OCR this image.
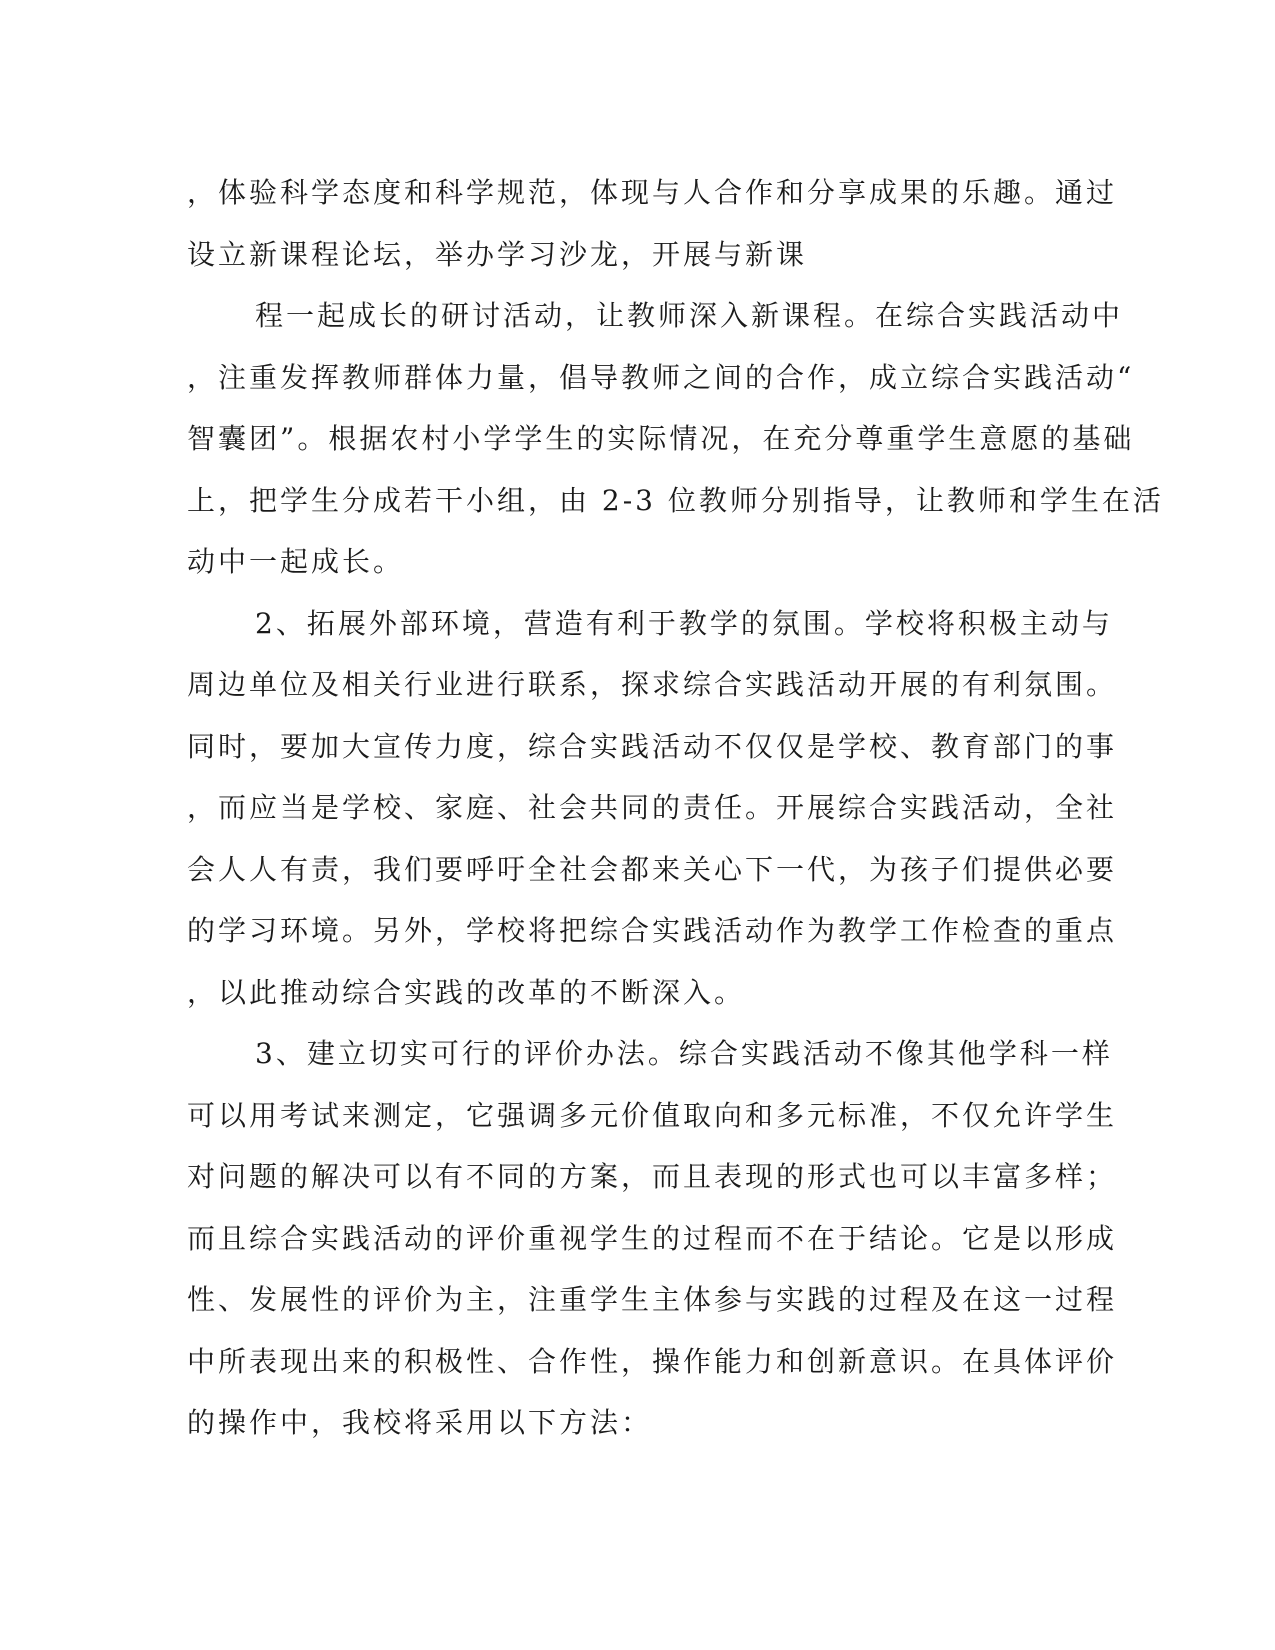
，体验科学态度和科学规范，体现与人合作和分享成果的乐趣。通过
设立新课程论坛，举办学习沙龙，开展与新课
程一起成长的研讨活动，让教师深入新课程。在综合实践活动中
，注重发挥教师群体力量，倡导教师之间的合作，成立综合实践活动“
智囊团”。根据农村小学学生的实际情况，在充分尊重学生意愿的基础
上，把学生分成若干小组，由 2-3 位教师分别指导，让教师和学生在活
动中一起成长。
2、拓展外部环境，营造有利于教学的氛围。学校将积极主动与
周边单位及相关行业进行联系，探求综合实践活动开展的有利氛围。
同时，要加大宣传力度，综合实践活动不仅仅是学校、教育部门的事
，而应当是学校、家庭、社会共同的责任。开展综合实践活动，全社
会人人有责，我们要呼吁全社会都来关心下一代，为孩子们提供必要
的学习环境。另外，学校将把综合实践活动作为教学工作检查的重点
，以此推动综合实践的改革的不断深入。
3、建立切实可行的评价办法。综合实践活动不像其他学科一样
可以用考试来测定，它强调多元价值取向和多元标准，不仅允许学生
对问题的解决可以有不同的方案，而且表现的形式也可以丰富多样；
而且综合实践活动的评价重视学生的过程而不在于结论。它是以形成
性、发展性的评价为主，注重学生主体参与实践的过程及在这一过程
中所表现出来的积极性、合作性，操作能力和创新意识。在具体评价
的操作中，我校将采用以下方法：
